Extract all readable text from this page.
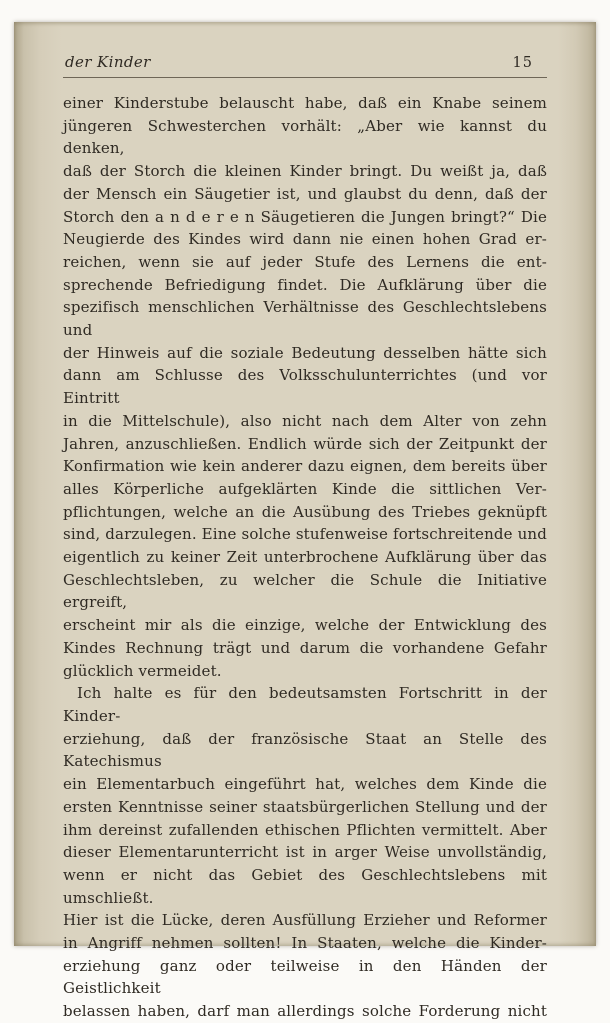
der Kinder	15
einer Kinderstube belauscht habe, daß ein Knabe seinem
jüngeren Schwesterchen vorhält: „Aber wie kannst du denken,
daß der Storch die kleinen Kinder bringt. Du weißt ja, daß
der Mensch ein Säugetier ist, und glaubst du denn, daß der
Storch den a n d e r e n Säugetieren die Jungen bringt?“ Die
Neugierde des Kindes wird dann nie einen hohen Grad er-
reichen, wenn sie auf jeder Stufe des Lernens die ent-
sprechende Befriedigung findet. Die Aufklärung über die
spezifisch menschlichen Verhältnisse des Geschlechtslebens und
der Hinweis auf die soziale Bedeutung desselben hätte sich
dann am Schlusse des Volksschulunterrichtes (und vor Eintritt
in die Mittelschule), also nicht nach dem Alter von zehn
Jahren, anzuschließen. Endlich würde sich der Zeitpunkt der
Konfirmation wie kein anderer dazu eignen, dem bereits über
alles Körperliche aufgeklärten Kinde die sittlichen Ver-
pflichtungen, welche an die Ausübung des Triebes geknüpft
sind, darzulegen. Eine solche stufenweise fortschreitende und
eigentlich zu keiner Zeit unterbrochene Aufklärung über das
Geschlechtsleben, zu welcher die Schule die Initiative ergreift,
erscheint mir als die einzige, welche der Entwicklung des
Kindes Rechnung trägt und darum die vorhandene Gefahr
glücklich vermeidet.
Ich halte es für den bedeutsamsten Fortschritt in der Kinder-
erziehung, daß der französische Staat an Stelle des Katechismus
ein Elementarbuch eingeführt hat, welches dem Kinde die
ersten Kenntnisse seiner staatsbürgerlichen Stellung und der
ihm dereinst zufallenden ethischen Pflichten vermittelt. Aber
dieser Elementarunterricht ist in arger Weise unvollständig,
wenn er nicht das Gebiet des Geschlechtslebens mit umschließt.
Hier ist die Lücke, deren Ausfüllung Erzieher und Reformer
in Angriff nehmen sollten! In Staaten, welche die Kinder-
erziehung ganz oder teilweise in den Händen der Geistlichkeit
belassen haben, darf man allerdings solche Forderung nicht
